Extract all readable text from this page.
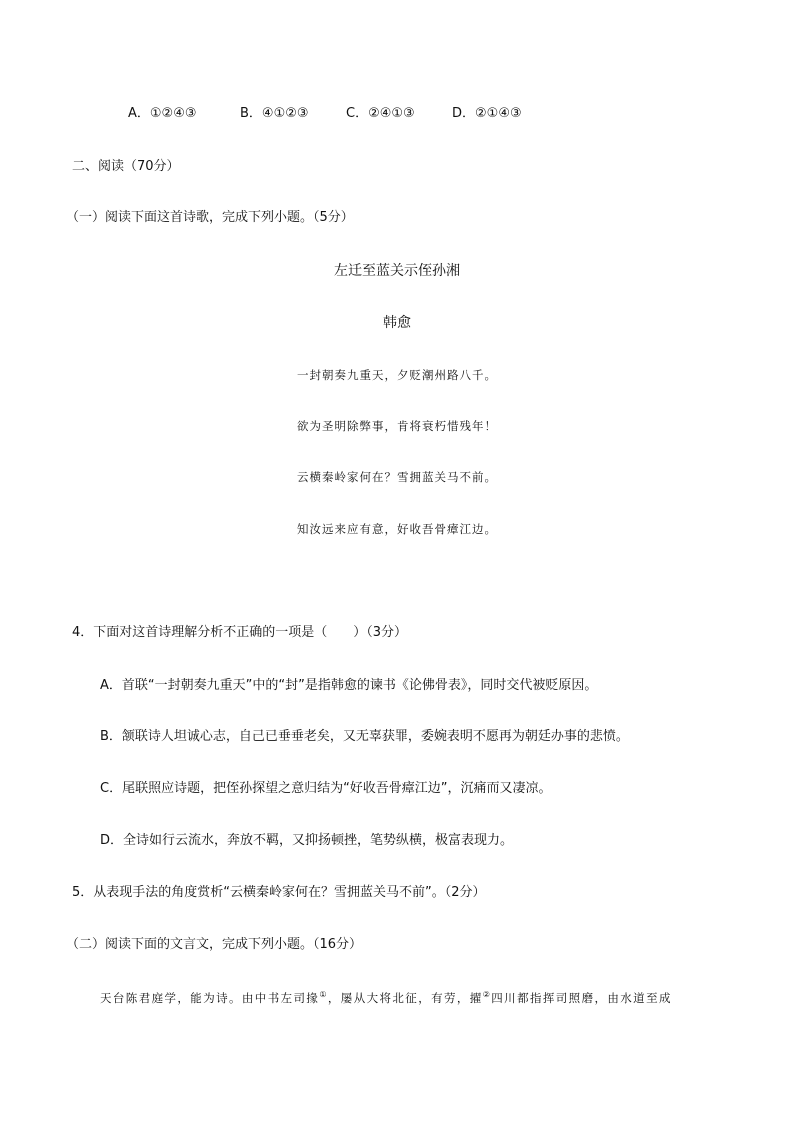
A．①②④③	B．④①②③	C．②④①③	D．②①④③
二、阅读（70分）
（一）阅读下面这首诗歌，完成下列小题。（5分）
左迁至蓝关示侄孙湘
韩愈
一封朝奏九重天，夕贬潮州路八千。
欲为圣明除弊事，肯将衰朽惜残年！
云横秦岭家何在？雪拥蓝关马不前。
知汝远来应有意，好收吾骨瘴江边。
4．下面对这首诗理解分析不正确的一项是（　　）（3分）
A．首联“一封朝奏九重天”中的“封”是指韩愈的谏书《论佛骨表》，同时交代被贬原因。
B．颔联诗人坦诚心志，自己已垂垂老矣，又无辜获罪，委婉表明不愿再为朝廷办事的悲愤。
C．尾联照应诗题，把侄孙探望之意归结为“好收吾骨瘴江边”，沉痛而又凄凉。
D．全诗如行云流水，奔放不羁，又抑扬顿挫，笔势纵横，极富表现力。
5．从表现手法的角度赏析“云横秦岭家何在？雪拥蓝关马不前”。（2分）
（二）阅读下面的文言文，完成下列小题。（16分）
天台陈君庭学，能为诗。由中书左司掾①，屡从大将北征，有劳，擢②四川都指挥司照磨，由水道至成
